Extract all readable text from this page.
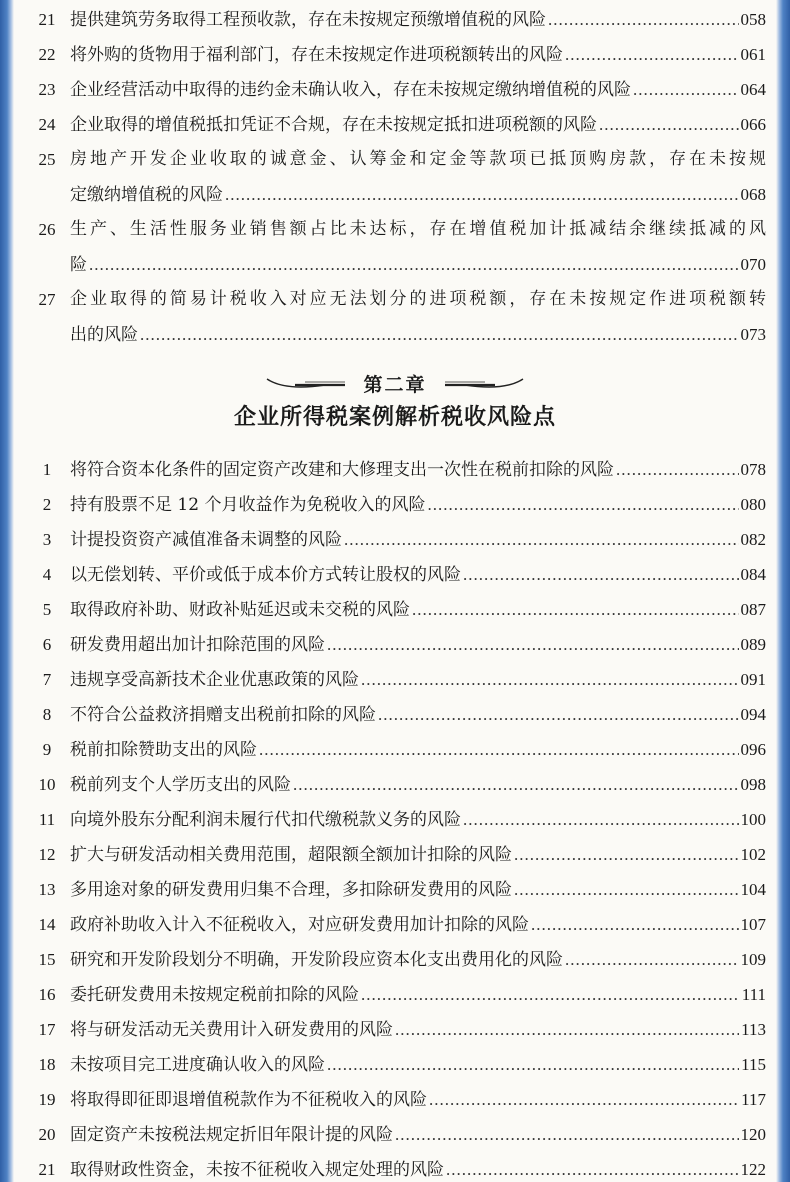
21 提供建筑劳务取得工程预收款，存在未按规定预缴增值税的风险 .....	058
22 将外购的货物用于福利部门，存在未按规定作进项税额转出的风险 .....	061
23 企业经营活动中取得的违约金未确认收入，存在未按规定缴纳增值税的风险 .....	064
24 企业取得的增值税抵扣凭证不合规，存在未按规定抵扣进项税额的风险 .....	066
25 房地产开发企业收取的诚意金、认筹金和定金等款项已抵顶购房款，存在未按规
定缴纳增值税的风险 .....	068
26 生产、生活性服务业销售额占比未达标，存在增值税加计抵减结余继续抵减的风
险 .....	070
27 企业取得的简易计税收入对应无法划分的进项税额，存在未按规定作进项税额转
出的风险 .....	073
第二章
企业所得税案例解析税收风险点
1	将符合资本化条件的固定资产改建和大修理支出一次性在税前扣除的风险 .....	078
2	持有股票不足 12 个月收益作为免税收入的风险 .....	080
3	计提投资资产减值准备未调整的风险 .....	082
4	以无偿划转、平价或低于成本价方式转让股权的风险 .....	084
5	取得政府补助、财政补贴延迟或未交税的风险 .....	087
6	研发费用超出加计扣除范围的风险 .....	089
7	违规享受高新技术企业优惠政策的风险 .....	091
8	不符合公益救济捐赠支出税前扣除的风险 .....	094
9	税前扣除赞助支出的风险 .....	096
10 税前列支个人学历支出的风险 .....	098
11 向境外股东分配利润未履行代扣代缴税款义务的风险 .....	100
12 扩大与研发活动相关费用范围，超限额全额加计扣除的风险 .....	102
13 多用途对象的研发费用归集不合理，多扣除研发费用的风险 .....	104
14 政府补助收入计入不征税收入，对应研发费用加计扣除的风险 .....	107
15 研究和开发阶段划分不明确，开发阶段应资本化支出费用化的风险 .....	109
16 委托研发费用未按规定税前扣除的风险 .....	111
17 将与研发活动无关费用计入研发费用的风险 .....	113
18 未按项目完工进度确认收入的风险 .....	115
19 将取得即征即退增值税款作为不征税收入的风险 .....	117
20 固定资产未按税法规定折旧年限计提的风险 .....	120
21 取得财政性资金，未按不征税收入规定处理的风险 .....	122
